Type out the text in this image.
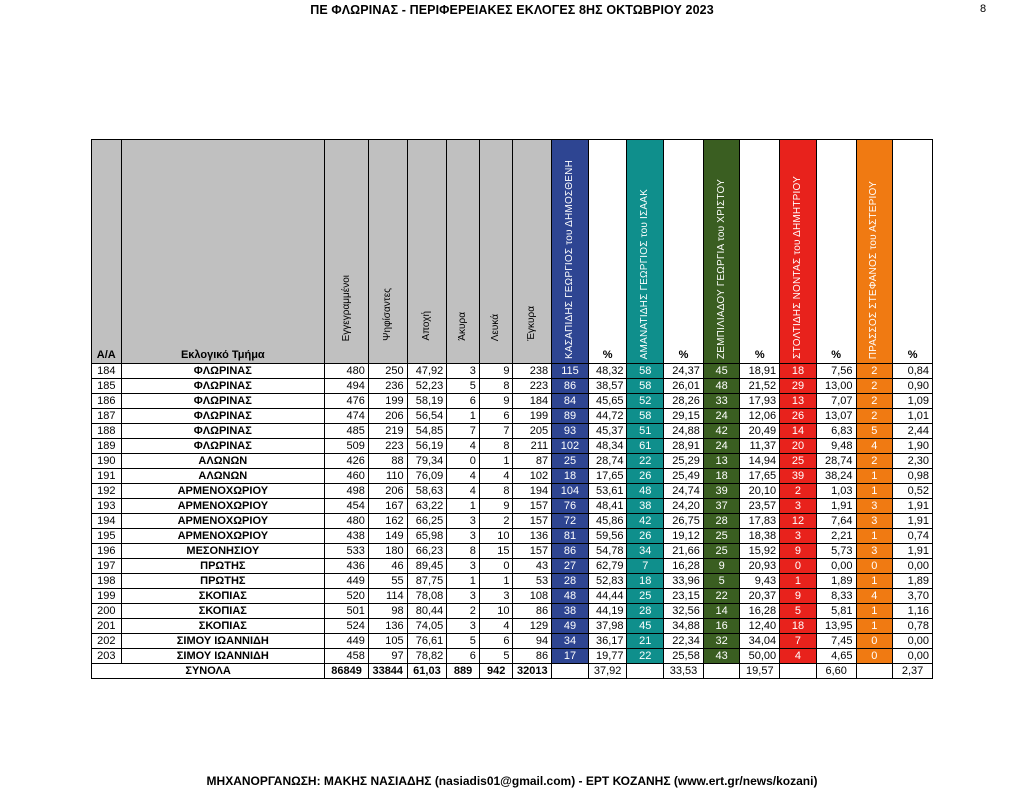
ΠΕ ΦΛΩΡΙΝΑΣ - ΠΕΡΙΦΕΡΕΙΑΚΕΣ ΕΚΛΟΓΕΣ 8ΗΣ ΟΚΤΩΒΡΙΟΥ 2023	8
Α/Α	Εκλογικό Τμήμα	Εγγεγραμμένοι	Ψηφίσαντες	Αποχή	Άκυρα	Λευκά	Έγκυρα	ΚΑΣΑΠΙΔΗΣ ΓΕΩΡΓΙΟΣ του ΔΗΜΟΣΘΕΝΗ	%	ΑΜΑΝΑΤΙΔΗΣ ΓΕΩΡΓΙΟΣ του ΙΣΑΑΚ	%	ΖΕΜΠΙΛΙΑΔΟΥ ΓΕΩΡΓΙΑ του ΧΡΙΣΤΟΥ	%	ΣΤΟΛΤΙΔΗΣ ΝΟΝΤΑΣ του ΔΗΜΗΤΡΙΟΥ	%	ΠΡΑΣΣΟΣ ΣΤΕΦΑΝΟΣ του ΑΣΤΕΡΙΟΥ	%

184	ΦΛΩΡΙΝΑΣ	480	250	47,92	3	9	238	115	48,32	58	24,37	45	18,91	18	7,56	2	0,84
185	ΦΛΩΡΙΝΑΣ	494	236	52,23	5	8	223	86	38,57	58	26,01	48	21,52	29	13,00	2	0,90
186	ΦΛΩΡΙΝΑΣ	476	199	58,19	6	9	184	84	45,65	52	28,26	33	17,93	13	7,07	2	1,09
187	ΦΛΩΡΙΝΑΣ	474	206	56,54	1	6	199	89	44,72	58	29,15	24	12,06	26	13,07	2	1,01
188	ΦΛΩΡΙΝΑΣ	485	219	54,85	7	7	205	93	45,37	51	24,88	42	20,49	14	6,83	5	2,44
189	ΦΛΩΡΙΝΑΣ	509	223	56,19	4	8	211	102	48,34	61	28,91	24	11,37	20	9,48	4	1,90
190	ΑΛΩΝΩΝ	426	88	79,34	0	1	87	25	28,74	22	25,29	13	14,94	25	28,74	2	2,30
191	ΑΛΩΝΩΝ	460	110	76,09	4	4	102	18	17,65	26	25,49	18	17,65	39	38,24	1	0,98
192	ΑΡΜΕΝΟΧΩΡΙΟΥ	498	206	58,63	4	8	194	104	53,61	48	24,74	39	20,10	2	1,03	1	0,52
193	ΑΡΜΕΝΟΧΩΡΙΟΥ	454	167	63,22	1	9	157	76	48,41	38	24,20	37	23,57	3	1,91	3	1,91
194	ΑΡΜΕΝΟΧΩΡΙΟΥ	480	162	66,25	3	2	157	72	45,86	42	26,75	28	17,83	12	7,64	3	1,91
195	ΑΡΜΕΝΟΧΩΡΙΟΥ	438	149	65,98	3	10	136	81	59,56	26	19,12	25	18,38	3	2,21	1	0,74
196	ΜΕΣΟΝΗΣΙΟΥ	533	180	66,23	8	15	157	86	54,78	34	21,66	25	15,92	9	5,73	3	1,91
197	ΠΡΩΤΗΣ	436	46	89,45	3	0	43	27	62,79	7	16,28	9	20,93	0	0,00	0	0,00
198	ΠΡΩΤΗΣ	449	55	87,75	1	1	53	28	52,83	18	33,96	5	9,43	1	1,89	1	1,89
199	ΣΚΟΠΙΑΣ	520	114	78,08	3	3	108	48	44,44	25	23,15	22	20,37	9	8,33	4	3,70
200	ΣΚΟΠΙΑΣ	501	98	80,44	2	10	86	38	44,19	28	32,56	14	16,28	5	5,81	1	1,16
201	ΣΚΟΠΙΑΣ	524	136	74,05	3	4	129	49	37,98	45	34,88	16	12,40	18	13,95	1	0,78
202	ΣΙΜΟΥ ΙΩΑΝΝΙΔΗ	449	105	76,61	5	6	94	34	36,17	21	22,34	32	34,04	7	7,45	0	0,00
203	ΣΙΜΟΥ ΙΩΑΝΝΙΔΗ	458	97	78,82	6	5	86	17	19,77	22	25,58	43	50,00	4	4,65	0	0,00
ΣΥΝΟΛΑ		86849	33844	61,03	889	942	32013	12140	37,92	10734	33,53	6266	19,57	2114	6,60	759	2,37
ΜΗΧΑΝΟΡΓΑΝΩΣΗ: ΜΑΚΗΣ ΝΑΣΙΑΔΗΣ (nasiadis01@gmail.com) - ΕΡΤ ΚΟΖΑΝΗΣ (www.ert.gr/news/kozani)
